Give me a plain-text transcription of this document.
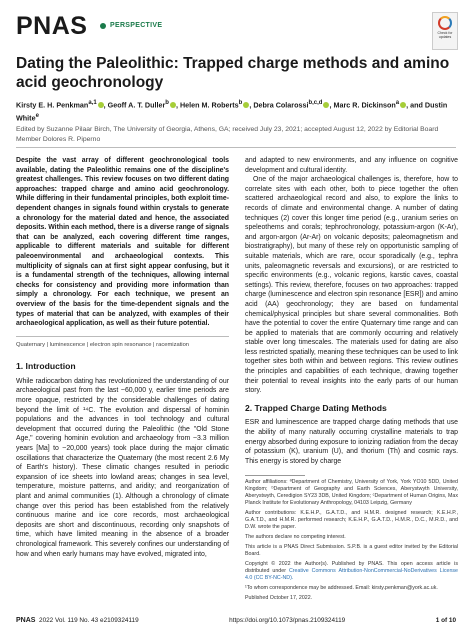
PNAS	PERSPECTIVE
Check for updates
Dating the Paleolithic: Trapped charge methods and amino acid geochronology
Kirsty E. H. Penkman$^{a,1}$ , Geoff A. T. Duller$^b$ , Helen M. Roberts$^b$ , Debra Colarossi$^{b,c,d}$ , Marc R. Dickinson$^a$ , and Dustin White$^e$
Edited by Suzanne Pilaar Birch, The University of Georgia, Athens, GA; received July 23, 2021; accepted August 12, 2022 by Editorial Board Member Dolores R. Piperno

Despite the vast array of different geochronological tools available, dating the Paleolithic remains one of the discipline's greatest challenges. This review focuses on two different dating approaches: trapped charge and amino acid geochronology. While differing in their fundamental principles, both exploit time-dependent changes in signals found within crystals to generate a chronology for the material dated and hence, the associated deposits. Within each method, there is a diverse range of signals that can be analyzed, each covering different time ranges, applicable to different materials and suitable for different paleoenvironmental and archaeological contexts. This multiplicity of signals can at first sight appear confusing, but it is a fundamental strength of the techniques, allowing internal checks for consistency and providing more information than simply a chronology. For each technique, we present an overview of the basis for the time-dependent signals and the types of material that can be analyzed, with examples of their archaeological application, as well as their future potential.

Quaternary | luminescence | electron spin resonance | racemization
1. Introduction

While radiocarbon dating has revolutionized the understanding of our archaeological past from the last ~60,000 y, earlier time periods are more opaque, restricted by the considerable challenges of dating beyond the limit of ¹⁴C. The evolution and dispersal of hominin populations and the advances in tool technology and cultural development that occurred during the Paleolithic (the "Old Stone Age," covering hominin evolution and archaeology from ~3.3 million years [Ma] to ~20,000 years) took place during the major climatic oscillations that characterize the Quaternary (the most recent 2.6 My of Earth's history). These climatic changes resulted in periodic expansion of ice sheets into lowland areas; changes in sea level, temperature, moisture patterns, and aridity; and reorganization of plant and animal communities (1). Although a chronology of climate change over this period has been established from the relatively continuous marine and ice core records, most archaeological deposits are short and discontinuous, recording only snapshots of time, which have limited meaning in the absence of a broader chronological framework. This severely confines our understanding of how and when early humans may have evolved, migrated into,

and adapted to new environments, and any influence on cognitive development and cultural identity.

One of the major archaeological challenges is, therefore, how to correlate sites with each other, both to piece together the often scattered archaeological record and also, to explore the links to records of climate and environmental change. A number of dating techniques (2) cover this longer time period (e.g., uranium series on speleothems and corals; tephrochronology, potassium-argon (K-Ar), and argon-argon (Ar-Ar) on volcanic deposits; paleomagnetism and biostratigraphy), but many of these rely on opportunistic sampling of suitable materials, which are rare, occur sporadically (e.g., tephra units, paleomagnetic reversals and excursions), or are restricted to specific environments (e.g., volcanic regions, karstic caves, coastal settings). This review, therefore, focuses on two approaches: trapped charge (luminescence and electron spin resonance [ESR]) and amino acid (AA) geochronology; they are based on fundamental chemical/physical principles but share several commonalities. Both have the potential to cover the entire Quaternary time range and can be applied to materials that are commonly occurring and relatively stable over long timescales. The materials used for dating are also less restricted spatially, meaning these techniques can be used to link together sites both within and between regions. This review outlines the principles and capabilities of each technique, drawing together their potential to reveal insights into the early parts of our human story.

2. Trapped Charge Dating Methods

ESR and luminescence are trapped charge dating methods that use the ability of many naturally occurring crystalline materials to trap energy absorbed during exposure to ionizing radiation from the decay of potassium (K), uranium (U), and thorium (Th) and cosmic rays. This energy is stored by charge

Author affiliations: ªDepartment of Chemistry, University of York, York YO10 5DD, United Kingdom; ᵇDepartment of Geography and Earth Sciences, Aberystwyth University, Aberystwyth, Ceredigion SY23 3DB, United Kingdom; ᶜDepartment of Human Origins, Max Planck Institute for Evolutionary Anthropology, 04103 Leipzig, Germany

Author contributions: K.E.H.P., G.A.T.D., and H.M.R. designed research; K.E.H.P., G.A.T.D., and H.M.R. performed research; K.E.H.P., G.A.T.D., H.M.R., D.C., M.R.D., and D.W. wrote the paper.

The authors declare no competing interest.

This article is a PNAS Direct Submission. S.P.B. is a guest editor invited by the Editorial Board.

Copyright © 2022 the Author(s). Published by PNAS. This open access article is distributed under Creative Commons Attribution-NonCommercial-NoDerivatives License 4.0 (CC BY-NC-ND).

¹To whom correspondence may be addressed. Email: kirsty.penkman@york.ac.uk.

Published October 17, 2022.

PNAS 2022 Vol. 119 No. 43 e2109324119	https://doi.org/10.1073/pnas.2109324119	1 of 10
